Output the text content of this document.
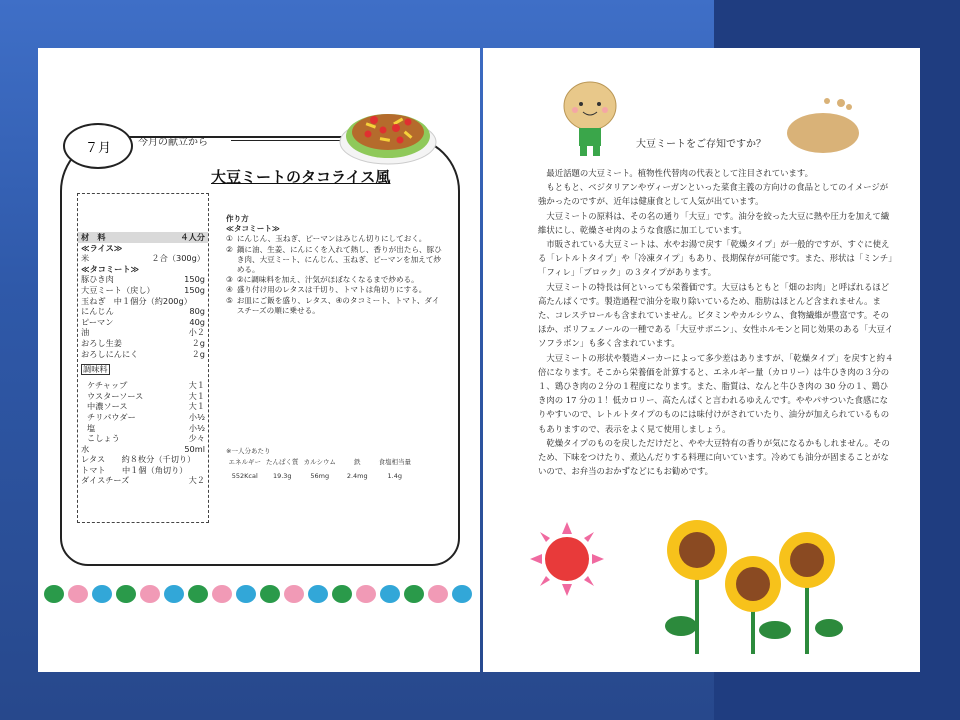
７月	今月の献立から
大豆ミートのタコライス風
材　料	４人分
≪ライス≫
米	２合（300g）
≪タコミート≫
豚ひき肉	150g
大豆ミート（戻し）	150g
玉ねぎ　中１個分（約200g）
にんじん	80g
ピーマン	40g
油	小２
おろし生姜	２g
おろしにんにく	２g
調味料
ケチャップ	大１
ウスターソース	大１
中濃ソース	大１
チリパウダー	小½
塩	小½
こしょう	少々
水	50ml
レタス　　約８枚分（千切り）
トマト　　中１個（角切り）
ダイスチーズ	大２
作り方
≪タコミート≫
① にんじん、玉ねぎ、ピーマンはみじん切りにしておく。
② 鍋に油、生姜、にんにくを入れて熱し、香りが出たら、豚ひき肉、大豆ミート、にんじん、玉ねぎ、ピーマンを加えて炒める。
③ ②に調味料を加え、汁気がほぼなくなるまで炒める。
④ 盛り付け用のレタスは千切り、トマトは角切りにする。
⑤ お皿にご飯を盛り、レタス、④のタコミート、トマト、ダイスチーズの順に乗せる。
※一人分あたり
エネルギー たんぱく質 カルシウム	鉄	食塩相当量
552Kcal	19.3g	56mg	2.4mg	1.4g
大豆ミートをご存知ですか？

最近話題の大豆ミート。植物性代替肉の代表として注目されています。

もともと、ベジタリアンやヴィーガンといった菜食主義の方向けの食品としてのイメージが強かったのですが、近年は健康食として人気が出ています。

大豆ミートの原料は、その名の通り「大豆」です。油分を絞った大豆に熱や圧力を加えて繊維状にし、乾燥させ肉のような食感に加工しています。

市販されている大豆ミートは、水やお湯で戻す「乾燥タイプ」が一般的ですが、すぐに使える「レトルトタイプ」や「冷凍タイプ」もあり、長期保存が可能です。また、形状は「ミンチ」「フィレ」「ブロック」の３タイプがあります。

大豆ミートの特長は何といっても栄養価です。大豆はもともと「畑のお肉」と呼ばれるほど高たんぱくです。製造過程で油分を取り除いているため、脂肪はほとんど含まれません。また、コレステロールも含まれていません。ビタミンやカルシウム、食物繊維が豊富です。そのほか、ポリフェノールの一種である「大豆サポニン」、女性ホルモンと同じ効果のある「大豆イソフラボン」も多く含まれています。

大豆ミートの形状や製造メーカーによって多少差はありますが、「乾燥タイプ」を戻すと約４倍になります。そこから栄養価を計算すると、エネルギー量（カロリー）は牛ひき肉の３分の１、鶏ひき肉の２分の１程度になります。また、脂質は、なんと牛ひき肉の 30 分の１、鶏ひき肉の 17 分の１！低カロリー、高たんぱくと言われるゆえんです。ややパサついた食感になりやすいので、レトルトタイプのものには味付けがされていたり、油分が加えられているものもありますので、表示をよく見て使用しましょう。

乾燥タイプのものを戻しただけだと、やや大豆特有の香りが気になるかもしれません。そのため、下味をつけたり、煮込んだりする料理に向いています。冷めても油分が固まることがないので、お弁当のおかずなどにもお勧めです。
